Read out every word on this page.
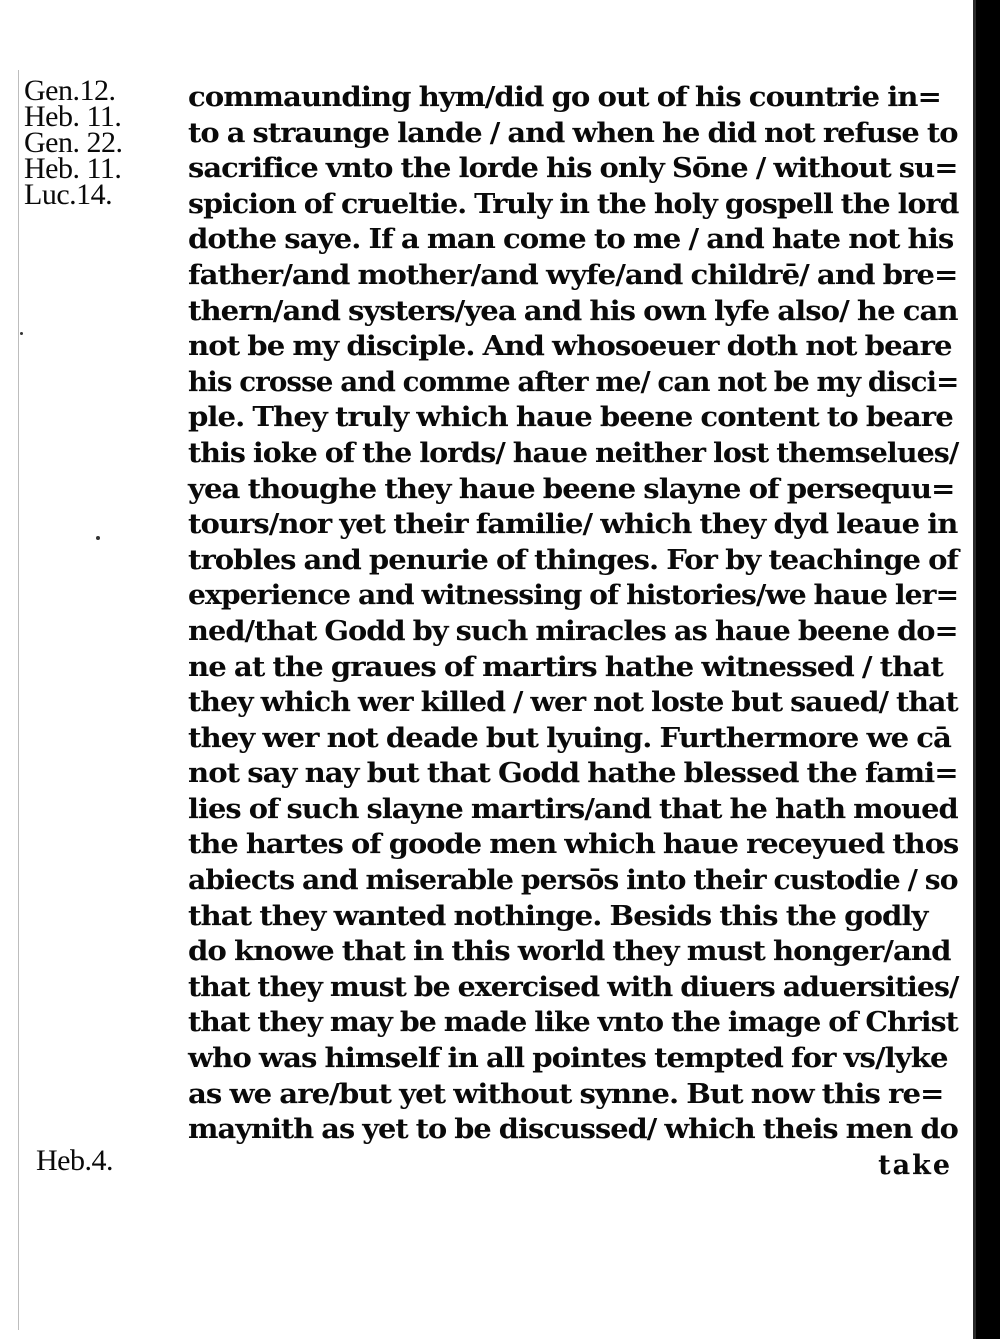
Gen.12.
Heb. 11.
Gen. 22.
Heb. 11.
Luc.14.
Heb.4.
commaunding hym/did go out of his countrie in=
to a straunge lande / and when he did not refuse to
sacrifice vnto the lorde his only Sōne / without su=
spicion of crueltie. Truly in the holy gospell the lord
dothe saye. If a man come to me / and hate not his
father/and mother/and wyfe/and childrē/ and bre=
thern/and systers/yea and his own lyfe also/ he can
not be my disciple. And whosoeuer doth not beare
his crosse and comme after me/ can not be my disci=
ple. They truly which haue beene content to beare
this ioke of the lords/ haue neither lost themselues/
yea thoughe they haue beene slayne of persequu=
tours/nor yet their familie/ which they dyd leaue in
trobles and penurie of thinges. For by teachinge of
experience and witnessing of histories/we haue ler=
ned/that Godd by such miracles as haue beene do=
ne at the graues of martirs hathe witnessed / that
they which wer killed / wer not loste but saued/ that
they wer not deade but lyuing. Furthermore we cā
not say nay but that Godd hathe blessed the fami=
lies of such slayne martirs/and that he hath moued
the hartes of goode men which haue receyued thos
abiects and miserable persōs into their custodie / so
that they wanted nothinge. Besids this the godly
do knowe that in this world they must honger/and
that they must be exercised with diuers aduersities/
that they may be made like vnto the image of Christ
who was himself in all pointes tempted for vs/lyke
as we are/but yet without synne. But now this re=
maynith as yet to be discussed/ which theis men do
take
